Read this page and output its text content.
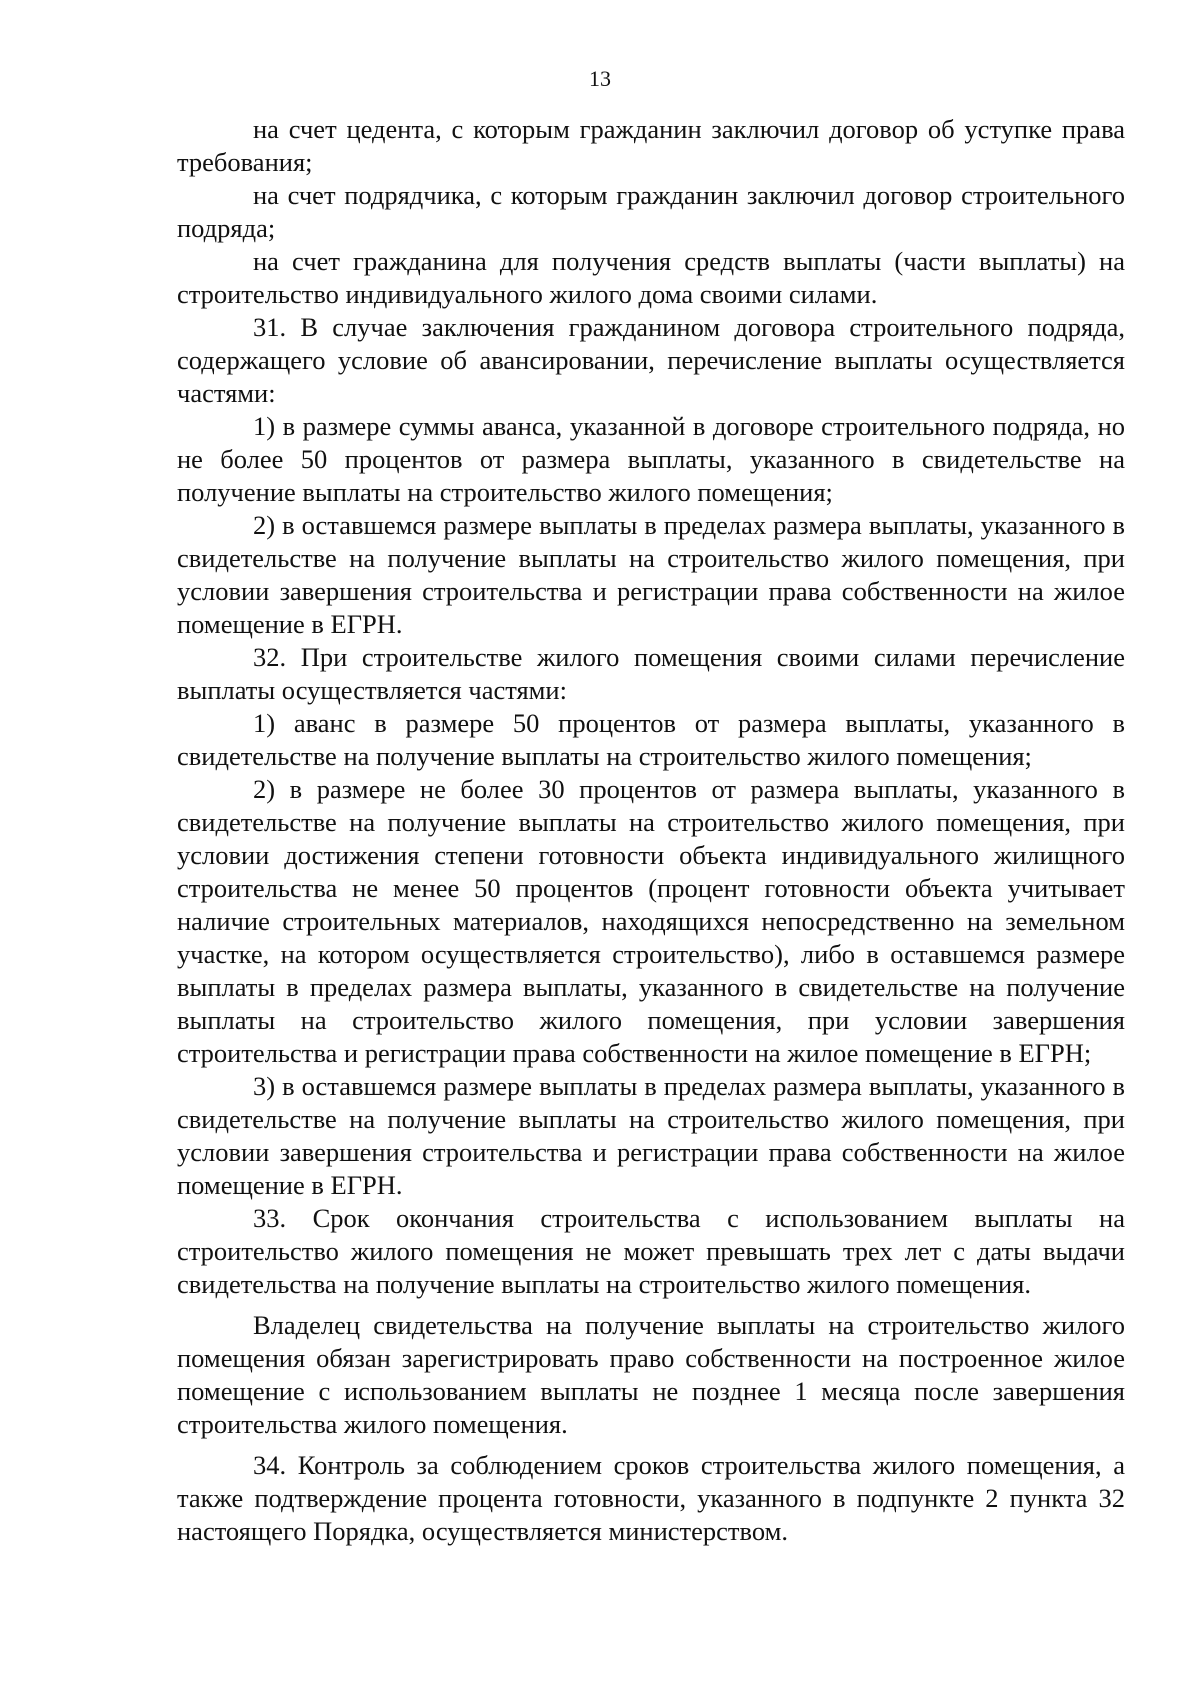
13

на счет цедента, с которым гражданин заключил договор об уступке права требования;

на счет подрядчика, с которым гражданин заключил договор строительного подряда;

на счет гражданина для получения средств выплаты (части выплаты) на строительство индивидуального жилого дома своими силами.

31. В случае заключения гражданином договора строительного подряда, содержащего условие об авансировании, перечисление выплаты осуществляется частями:

1) в размере суммы аванса, указанной в договоре строительного подряда, но не более 50 процентов от размера выплаты, указанного в свидетельстве на получение выплаты на строительство жилого помещения;

2) в оставшемся размере выплаты в пределах размера выплаты, указанного в свидетельстве на получение выплаты на строительство жилого помещения, при условии завершения строительства и регистрации права собственности на жилое помещение в ЕГРН.

32. При строительстве жилого помещения своими силами перечисление выплаты осуществляется частями:

1) аванс в размере 50 процентов от размера выплаты, указанного в свидетельстве на получение выплаты на строительство жилого помещения;

2) в размере не более 30 процентов от размера выплаты, указанного в свидетельстве на получение выплаты на строительство жилого помещения, при условии достижения степени готовности объекта индивидуального жилищного строительства не менее 50 процентов (процент готовности объекта учитывает наличие строительных материалов, находящихся непосредственно на земельном участке, на котором осуществляется строительство), либо в оставшемся размере выплаты в пределах размера выплаты, указанного в свидетельстве на получение выплаты на строительство жилого помещения, при условии завершения строительства и регистрации права собственности на жилое помещение в ЕГРН;

3) в оставшемся размере выплаты в пределах размера выплаты, указанного в свидетельстве на получение выплаты на строительство жилого помещения, при условии завершения строительства и регистрации права собственности на жилое помещение в ЕГРН.

33. Срок окончания строительства с использованием выплаты на строительство жилого помещения не может превышать трех лет с даты выдачи свидетельства на получение выплаты на строительство жилого помещения.

Владелец свидетельства на получение выплаты на строительство жилого помещения обязан зарегистрировать право собственности на построенное жилое помещение с использованием выплаты не позднее 1 месяца после завершения строительства жилого помещения.

34. Контроль за соблюдением сроков строительства жилого помещения, а также подтверждение процента готовности, указанного в подпункте 2 пункта 32 настоящего Порядка, осуществляется министерством.
